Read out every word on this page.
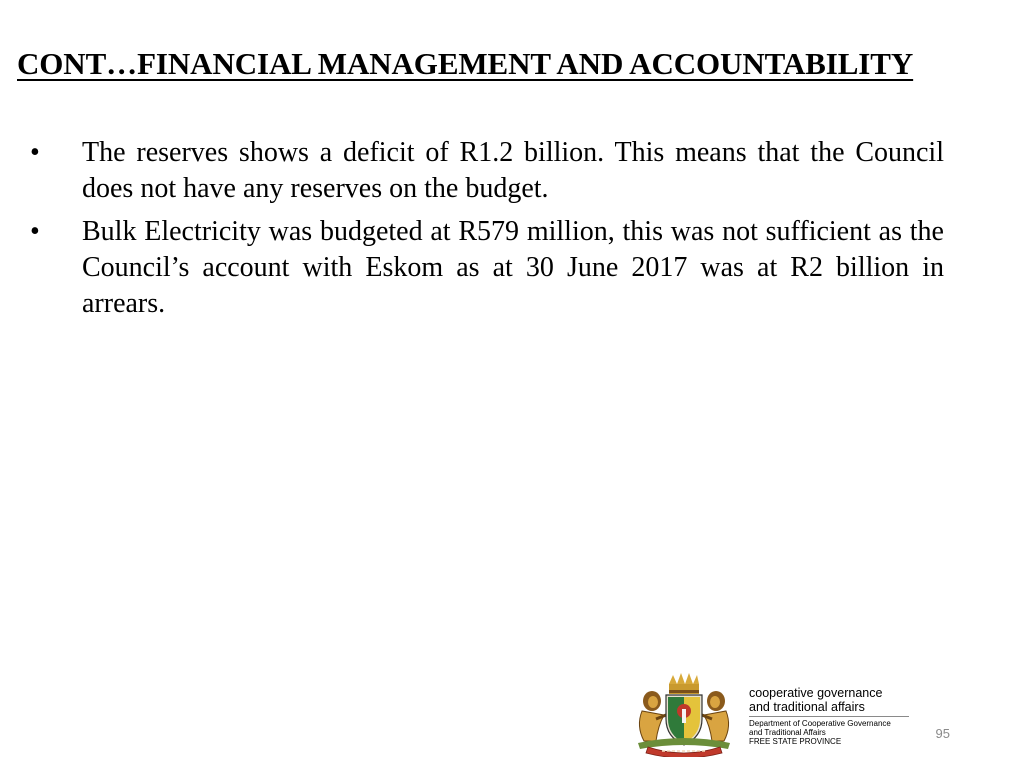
CONT…FINANCIAL MANAGEMENT AND ACCOUNTABILITY
• The reserves shows a deficit of R1.2 billion. This means that the Council does not have any reserves on the budget.
• Bulk Electricity was budgeted at R579 million, this was not sufficient as the Council’s account with Eskom as at 30 June 2017 was at R2 billion in arrears.
cooperative governance
and traditional affairs
Department of Cooperative Governance
and Traditional Affairs
FREE STATE PROVINCE
95
